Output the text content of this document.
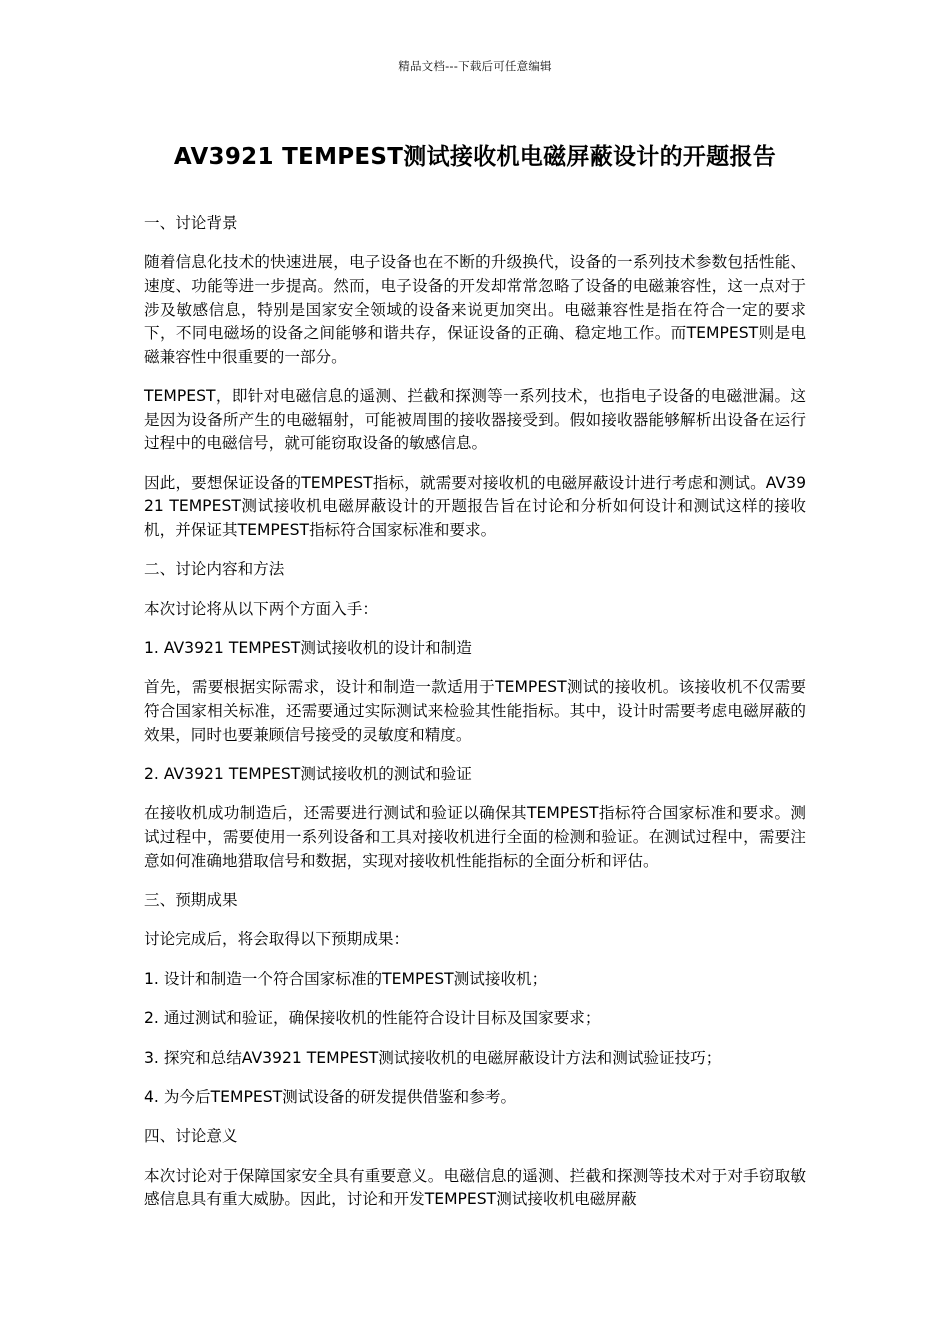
精品文档---下载后可任意编辑
AV3921 TEMPEST测试接收机电磁屏蔽设计的开题报告

一、讨论背景

随着信息化技术的快速进展，电子设备也在不断的升级换代，设备的一系列技术参数包括性能、速度、功能等进一步提高。然而，电子设备的开发却常常忽略了设备的电磁兼容性，这一点对于涉及敏感信息，特别是国家安全领域的设备来说更加突出。电磁兼容性是指在符合一定的要求下，不同电磁场的设备之间能够和谐共存，保证设备的正确、稳定地工作。而TEMPEST则是电磁兼容性中很重要的一部分。

TEMPEST，即针对电磁信息的遥测、拦截和探测等一系列技术，也指电子设备的电磁泄漏。这是因为设备所产生的电磁辐射，可能被周围的接收器接受到。假如接收器能够解析出设备在运行过程中的电磁信号，就可能窃取设备的敏感信息。

因此，要想保证设备的TEMPEST指标，就需要对接收机的电磁屏蔽设计进行考虑和测试。AV3921 TEMPEST测试接收机电磁屏蔽设计的开题报告旨在讨论和分析如何设计和测试这样的接收机，并保证其TEMPEST指标符合国家标准和要求。

二、讨论内容和方法

本次讨论将从以下两个方面入手：

1. AV3921 TEMPEST测试接收机的设计和制造

首先，需要根据实际需求，设计和制造一款适用于TEMPEST测试的接收机。该接收机不仅需要符合国家相关标准，还需要通过实际测试来检验其性能指标。其中，设计时需要考虑电磁屏蔽的效果，同时也要兼顾信号接受的灵敏度和精度。

2. AV3921 TEMPEST测试接收机的测试和验证

在接收机成功制造后，还需要进行测试和验证以确保其TEMPEST指标符合国家标准和要求。测试过程中，需要使用一系列设备和工具对接收机进行全面的检测和验证。在测试过程中，需要注意如何准确地猎取信号和数据，实现对接收机性能指标的全面分析和评估。

三、预期成果

讨论完成后，将会取得以下预期成果：

1. 设计和制造一个符合国家标准的TEMPEST测试接收机；

2. 通过测试和验证，确保接收机的性能符合设计目标及国家要求；

3. 探究和总结AV3921 TEMPEST测试接收机的电磁屏蔽设计方法和测试验证技巧；

4. 为今后TEMPEST测试设备的研发提供借鉴和参考。

四、讨论意义

本次讨论对于保障国家安全具有重要意义。电磁信息的遥测、拦截和探测等技术对于对手窃取敏感信息具有重大威胁。因此，讨论和开发TEMPEST测试接收机电磁屏蔽
